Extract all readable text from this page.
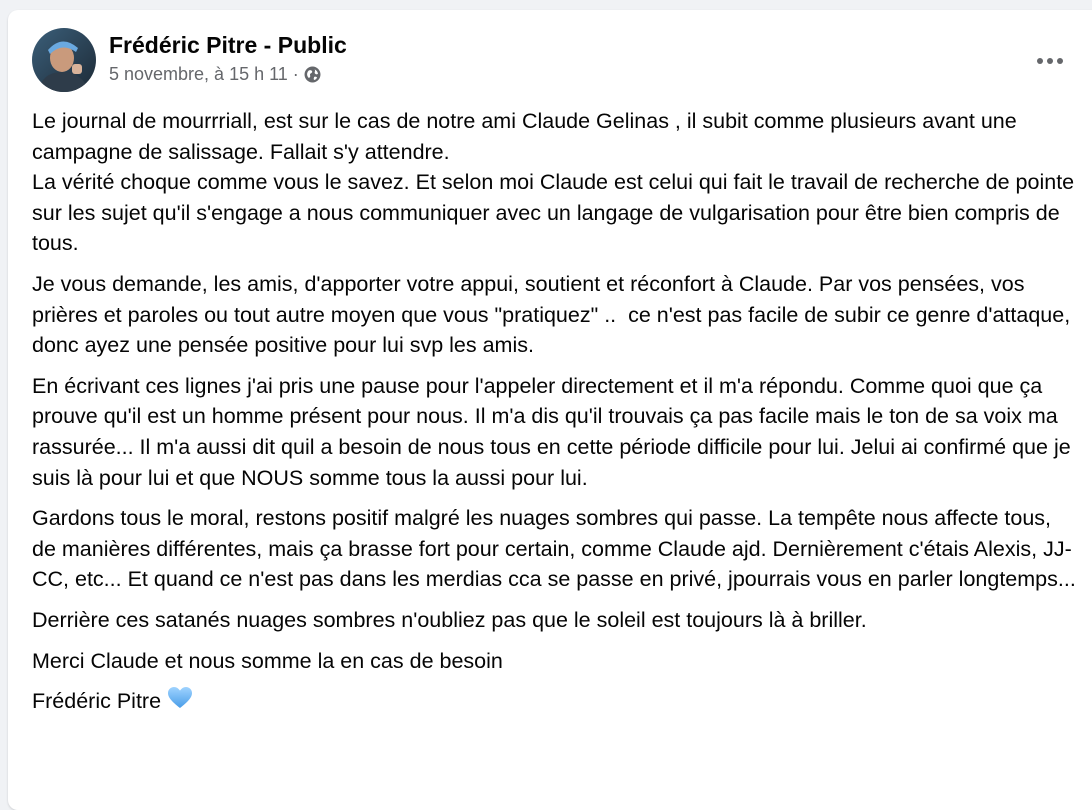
Frédéric Pitre - Public
5 novembre, à 15 h 11 ·

Le journal de mourrriall, est sur le cas de notre ami Claude Gelinas , il subit comme plusieurs avant une campagne de salissage. Fallait s'y attendre.
La vérité choque comme vous le savez. Et selon moi Claude est celui qui fait le travail de recherche de pointe sur les sujet qu'il s'engage a nous communiquer avec un langage de vulgarisation pour être bien compris de tous.

Je vous demande, les amis, d'apporter votre appui, soutient et réconfort à Claude. Par vos pensées, vos prières et paroles ou tout autre moyen que vous "pratiquez" ..  ce n'est pas facile de subir ce genre d'attaque, donc ayez une pensée positive pour lui svp les amis.

En écrivant ces lignes j'ai pris une pause pour l'appeler directement et il m'a répondu. Comme quoi que ça prouve qu'il est un homme présent pour nous. Il m'a dis qu'il trouvais ça pas facile mais le ton de sa voix ma rassurée... Il m'a aussi dit quil a besoin de nous tous en cette période difficile pour lui. Jelui ai confirmé que je suis là pour lui et que NOUS somme tous la aussi pour lui.

Gardons tous le moral, restons positif malgré les nuages sombres qui passe. La tempête nous affecte tous, de manières différentes, mais ça brasse fort pour certain, comme Claude ajd. Dernièrement c'étais Alexis, JJ-CC, etc... Et quand ce n'est pas dans les merdias cca se passe en privé, jpourrais vous en parler longtemps...

Derrière ces satanés nuages sombres n'oubliez pas que le soleil est toujours là à briller.

Merci Claude et nous somme la en cas de besoin

Frédéric Pitre
